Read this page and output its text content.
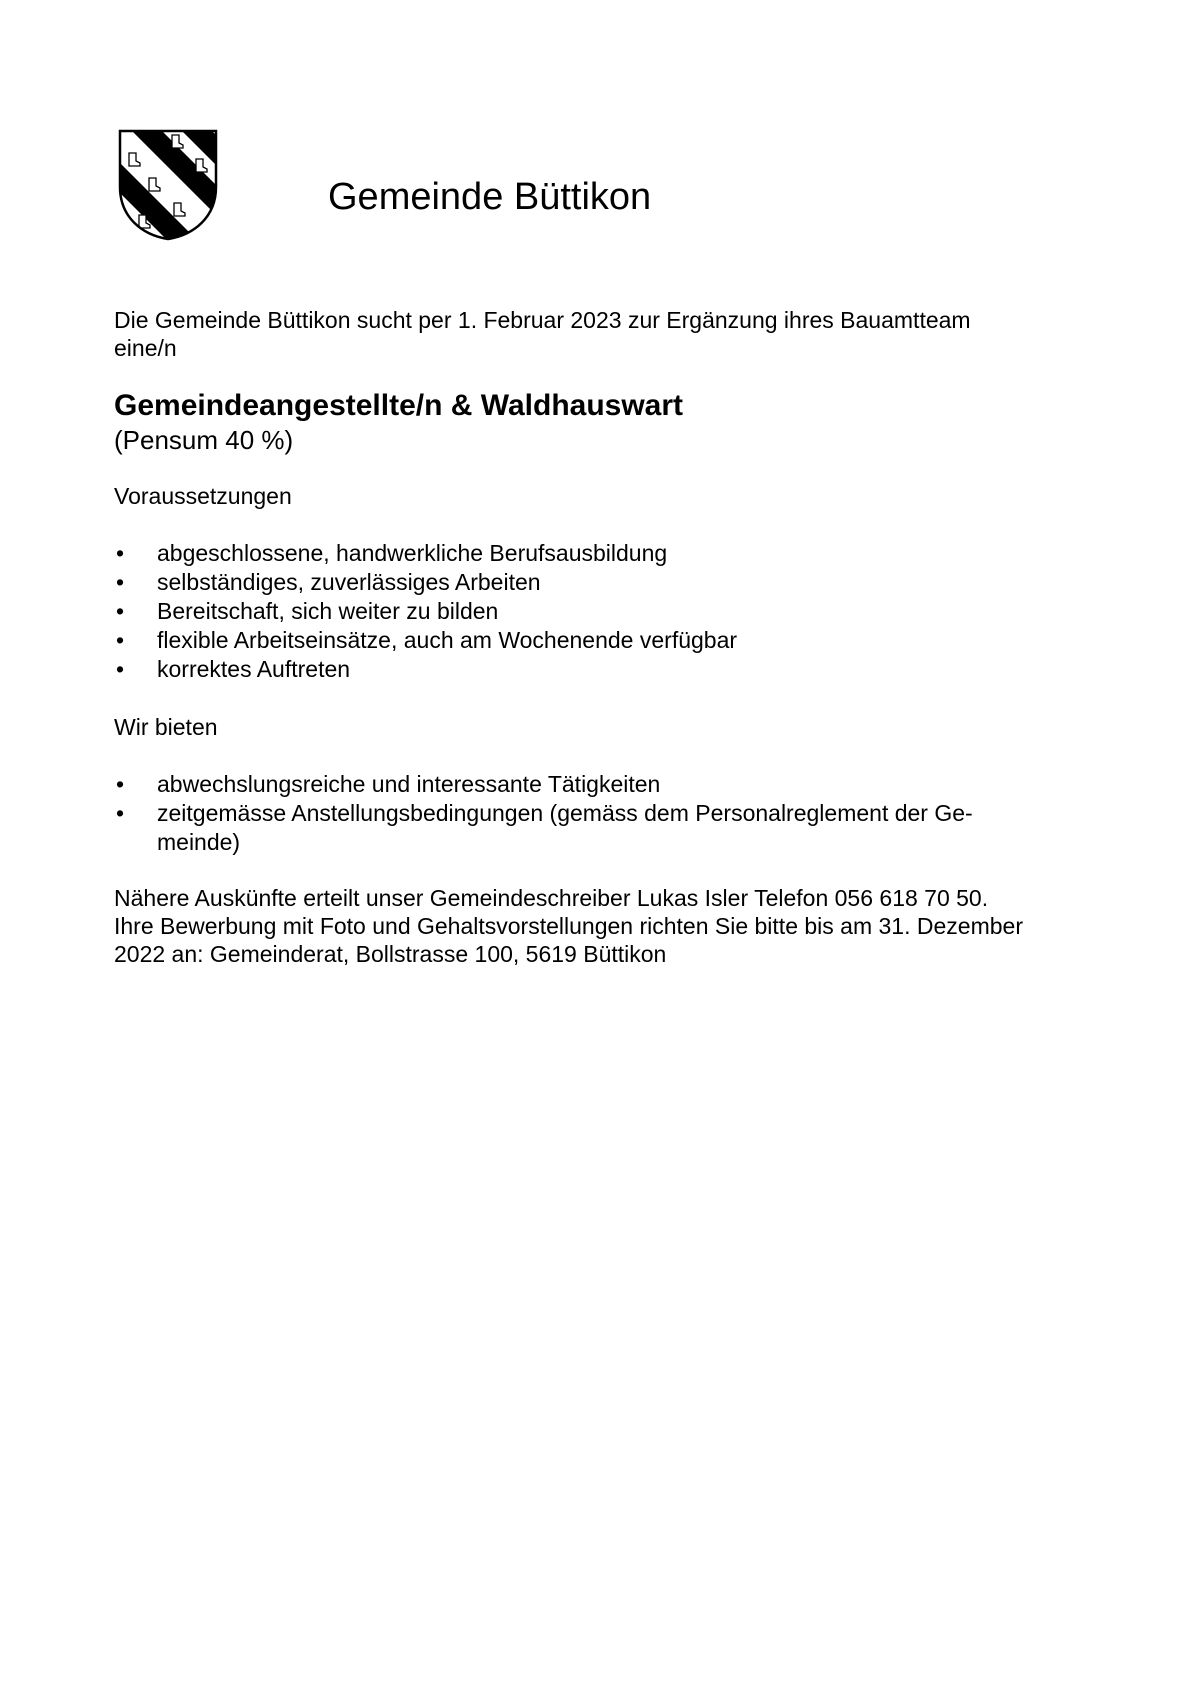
Gemeinde Büttikon

Die Gemeinde Büttikon sucht per 1. Februar 2023 zur Ergänzung ihres Bauamtteam
eine/n

Gemeindeangestellte/n & Waldhauswart

(Pensum 40 %)

Voraussetzungen

• abgeschlossene, handwerkliche Berufsausbildung
• selbständiges, zuverlässiges Arbeiten
• Bereitschaft, sich weiter zu bilden
• flexible Arbeitseinsätze, auch am Wochenende verfügbar
• korrektes Auftreten

Wir bieten

• abwechslungsreiche und interessante Tätigkeiten
• zeitgemässe Anstellungsbedingungen (gemäss dem Personalreglement der Ge-
meinde)

Nähere Auskünfte erteilt unser Gemeindeschreiber Lukas Isler Telefon 056 618 70 50.
Ihre Bewerbung mit Foto und Gehaltsvorstellungen richten Sie bitte bis am 31. Dezember
2022 an: Gemeinderat, Bollstrasse 100, 5619 Büttikon
